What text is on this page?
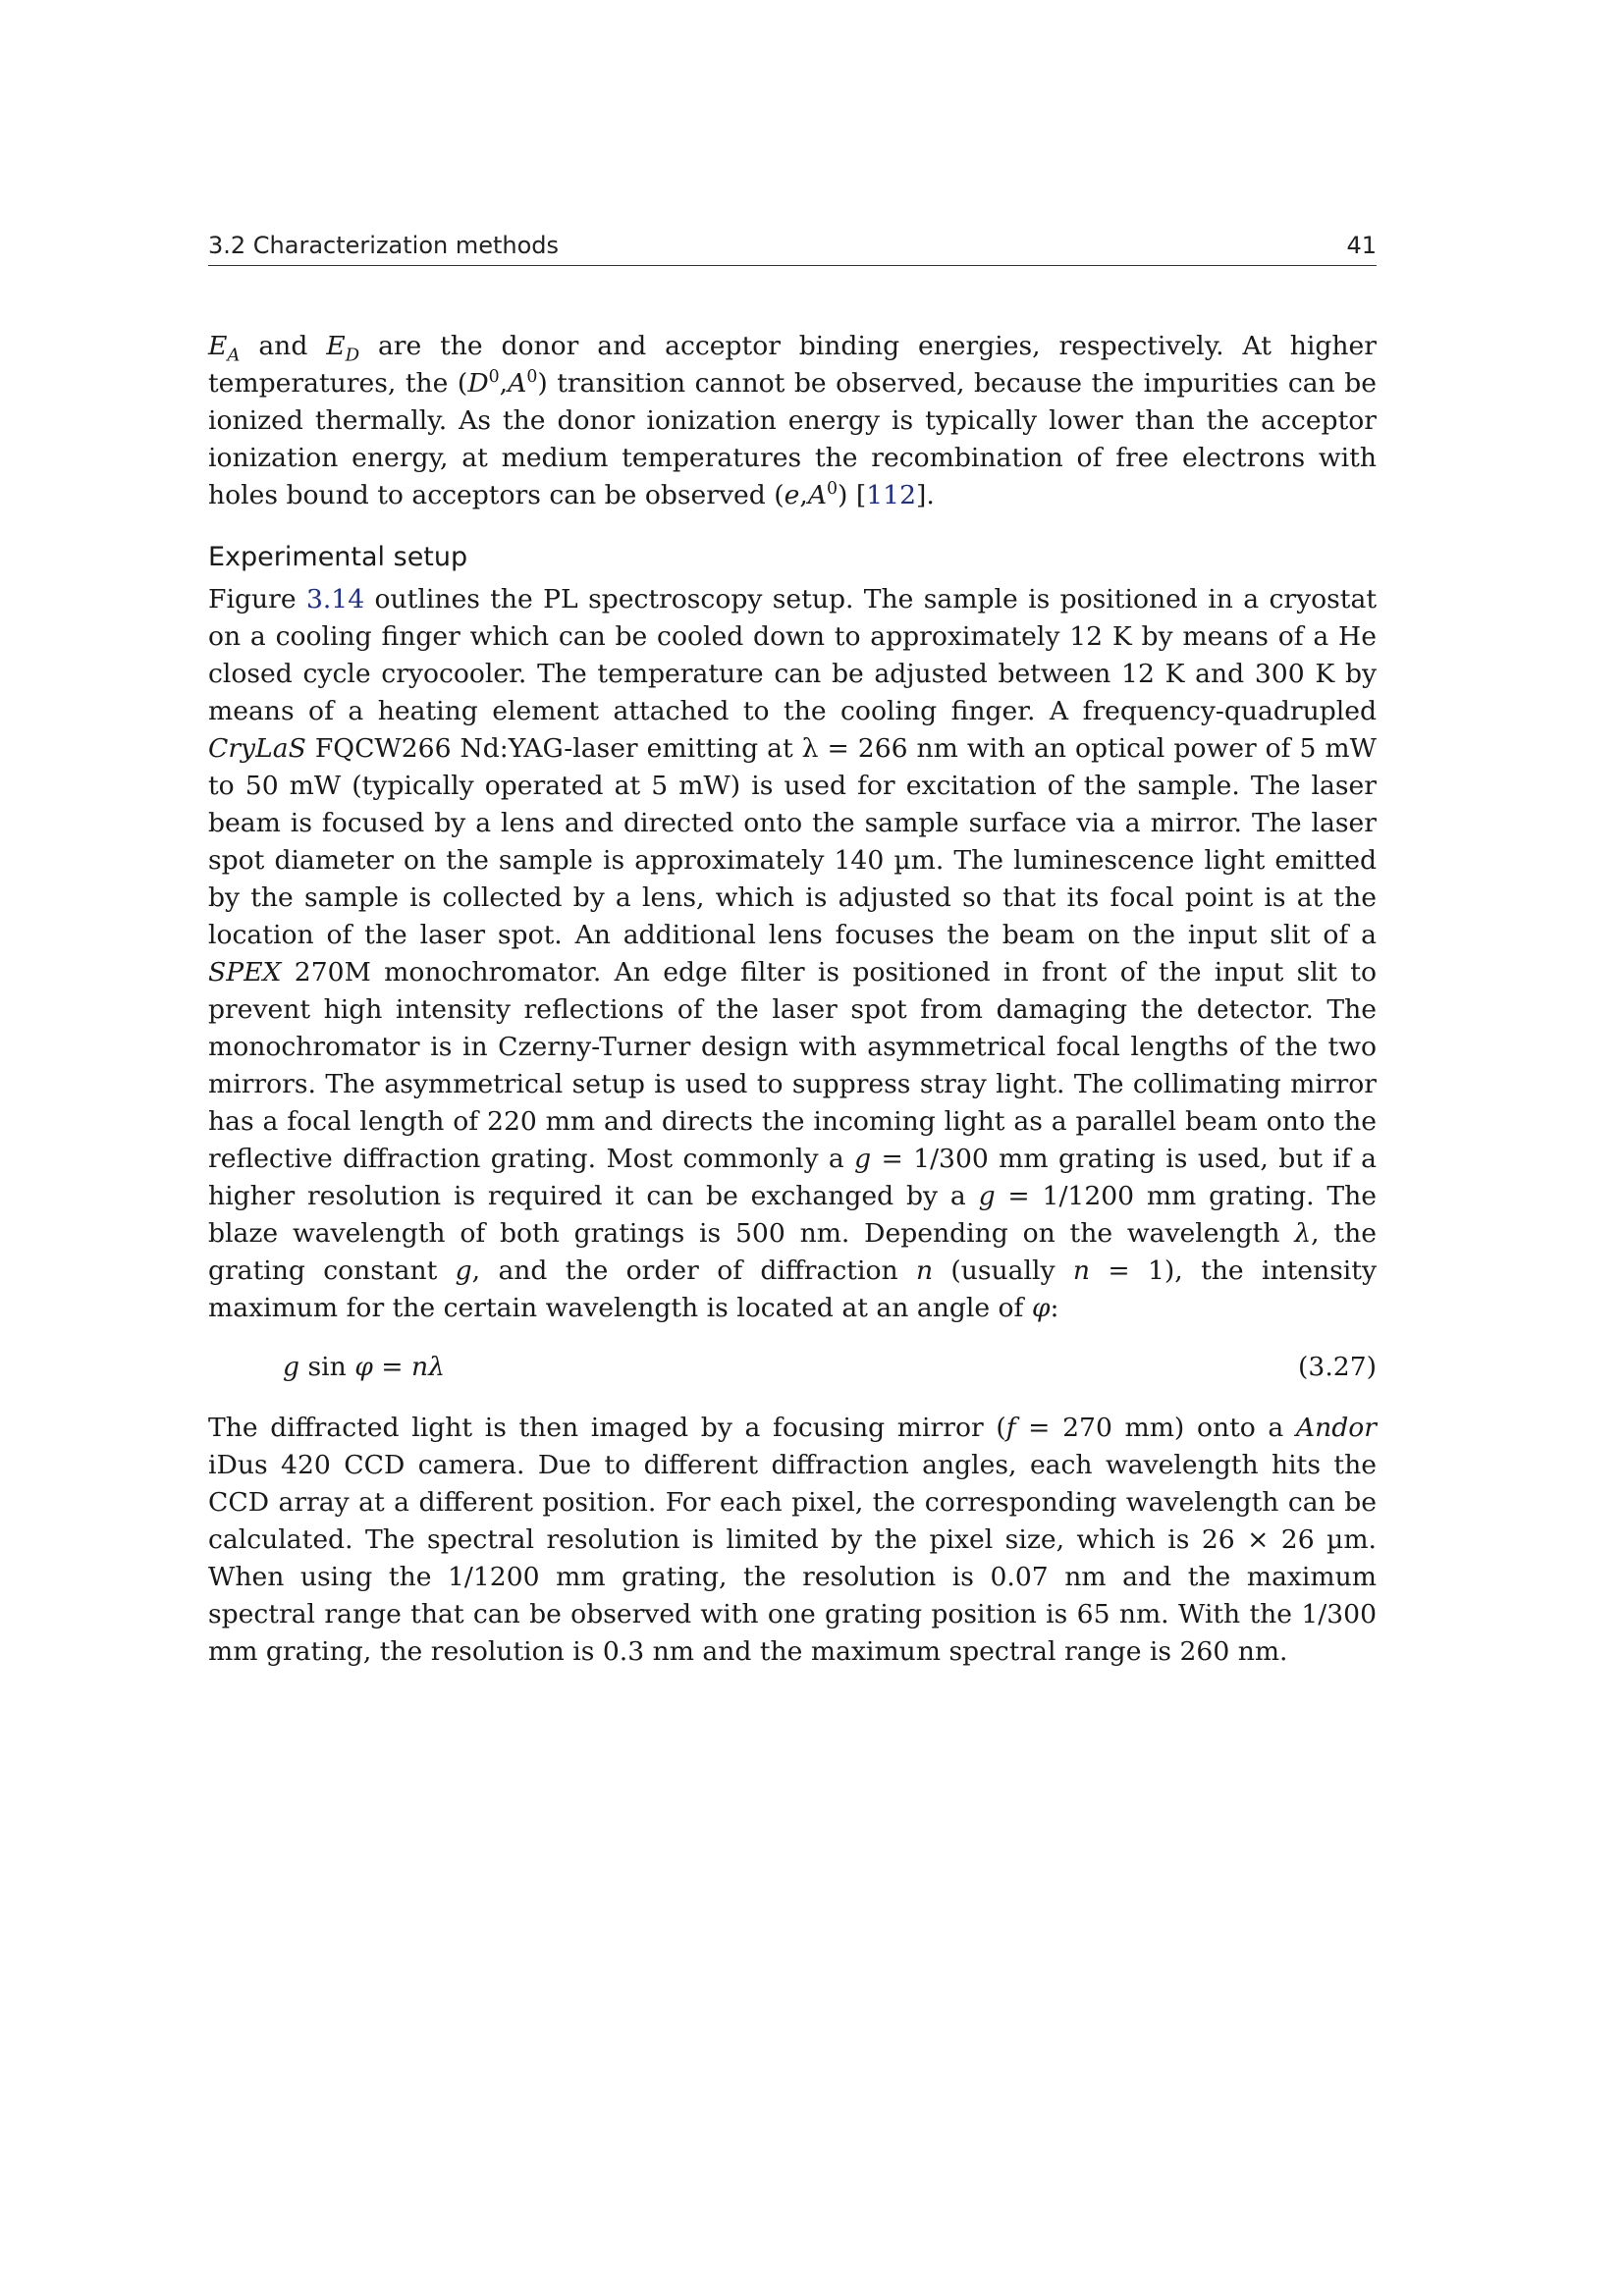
3.2 Characterization methods	41

$E_A$ and $E_D$ are the donor and acceptor binding energies, respectively. At higher temperatures, the $(D^0,A^0)$ transition cannot be observed, because the impurities can be ionized thermally. As the donor ionization energy is typically lower than the acceptor ionization energy, at medium temperatures the recombination of free electrons with holes bound to acceptors can be observed $(e,A^0)$ [112].

Experimental setup

Figure 3.14 outlines the PL spectroscopy setup. The sample is positioned in a cryostat on a cooling finger which can be cooled down to approximately 12 K by means of a He closed cycle cryocooler. The temperature can be adjusted between 12 K and 300 K by means of a heating element attached to the cooling finger. A frequency-quadrupled CryLaS FQCW266 Nd:YAG-laser emitting at λ = 266 nm with an optical power of 5 mW to 50 mW (typically operated at 5 mW) is used for excitation of the sample. The laser beam is focused by a lens and directed onto the sample surface via a mirror. The laser spot diameter on the sample is approximately 140 µm. The luminescence light emitted by the sample is collected by a lens, which is adjusted so that its focal point is at the location of the laser spot. An additional lens focuses the beam on the input slit of a SPEX 270M monochromator. An edge filter is positioned in front of the input slit to prevent high intensity reflections of the laser spot from damaging the detector. The monochromator is in Czerny-Turner design with asymmetrical focal lengths of the two mirrors. The asymmetrical setup is used to suppress stray light. The collimating mirror has a focal length of 220 mm and directs the incoming light as a parallel beam onto the reflective diffraction grating. Most commonly a g = 1/300 mm grating is used, but if a higher resolution is required it can be exchanged by a g = 1/1200 mm grating. The blaze wavelength of both gratings is 500 nm. Depending on the wavelength λ, the grating constant g, and the order of diffraction n (usually n = 1), the intensity maximum for the certain wavelength is located at an angle of φ:

g sin φ = nλ	(3.27)

The diffracted light is then imaged by a focusing mirror (f = 270 mm) onto a Andor iDus 420 CCD camera. Due to different diffraction angles, each wavelength hits the CCD array at a different position. For each pixel, the corresponding wavelength can be calculated. The spectral resolution is limited by the pixel size, which is 26 × 26 µm. When using the 1/1200 mm grating, the resolution is 0.07 nm and the maximum spectral range that can be observed with one grating position is 65 nm. With the 1/300 mm grating, the resolution is 0.3 nm and the maximum spectral range is 260 nm.
